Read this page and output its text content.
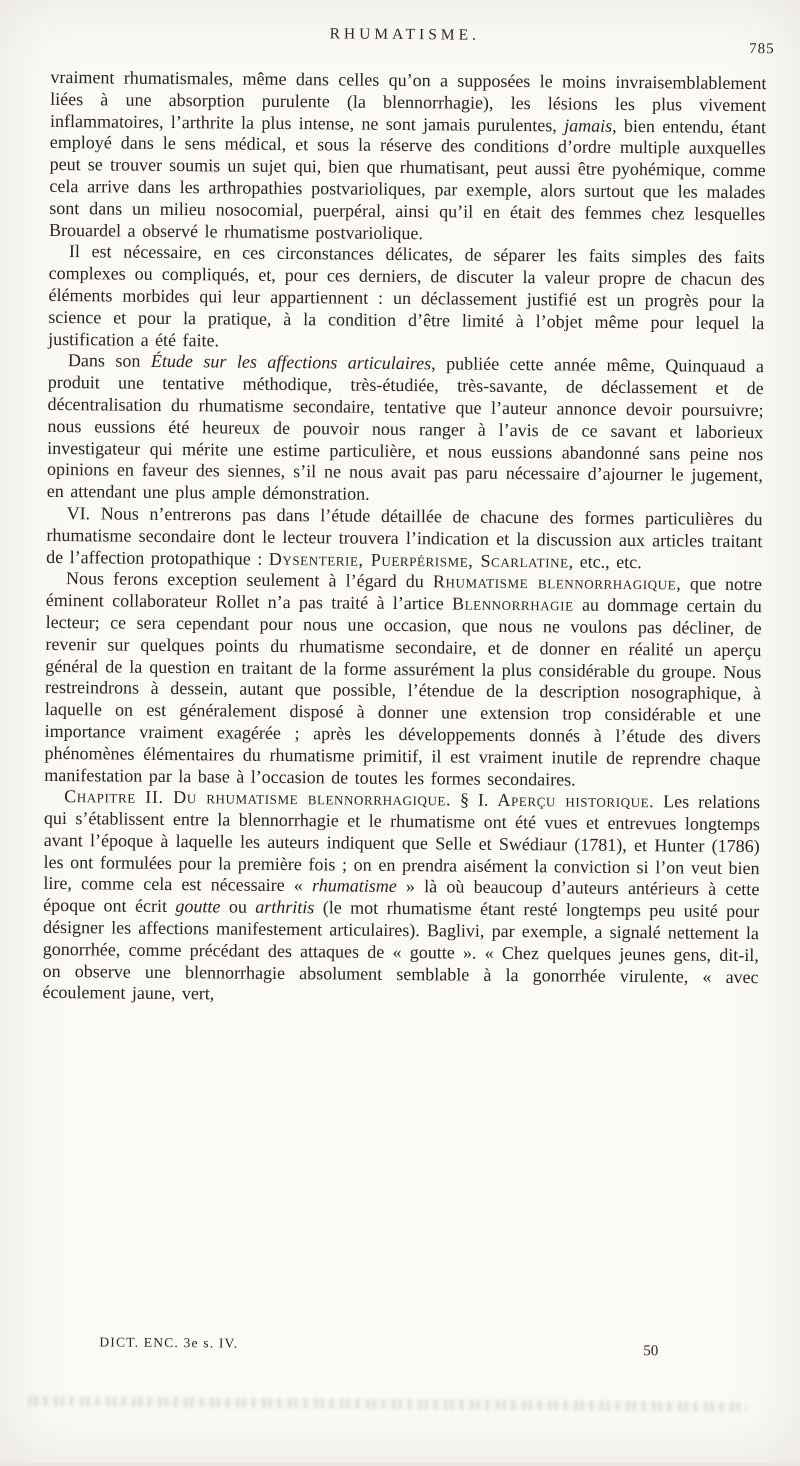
RHUMATISME.
785

vraiment rhumatismales, même dans celles qu’on a supposées le moins invraisemblablement liées à une absorption purulente (la blennorrhagie), les lésions les plus vivement inflammatoires, l’arthrite la plus intense, ne sont jamais purulentes, jamais, bien entendu, étant employé dans le sens médical, et sous la réserve des conditions d’ordre multiple auxquelles peut se trouver soumis un sujet qui, bien que rhumatisant, peut aussi être pyohémique, comme cela arrive dans les arthropathies postvarioliques, par exemple, alors surtout que les malades sont dans un milieu nosocomial, puerpéral, ainsi qu’il en était des femmes chez lesquelles Brouardel a observé le rhumatisme postvariolique.

Il est nécessaire, en ces circonstances délicates, de séparer les faits simples des faits complexes ou compliqués, et, pour ces derniers, de discuter la valeur propre de chacun des éléments morbides qui leur appartiennent : un déclassement justifié est un progrès pour la science et pour la pratique, à la condition d’être limité à l’objet même pour lequel la justification a été faite.

Dans son Étude sur les affections articulaires, publiée cette année même, Quinquaud a produit une tentative méthodique, très-étudiée, très-savante, de déclassement et de décentralisation du rhumatisme secondaire, tentative que l’auteur annonce devoir poursuivre; nous eussions été heureux de pouvoir nous ranger à l’avis de ce savant et laborieux investigateur qui mérite une estime particulière, et nous eussions abandonné sans peine nos opinions en faveur des siennes, s’il ne nous avait pas paru nécessaire d’ajourner le jugement, en attendant une plus ample démonstration.

VI. Nous n’entrerons pas dans l’étude détaillée de chacune des formes particulières du rhumatisme secondaire dont le lecteur trouvera l’indication et la discussion aux articles traitant de l’affection protopathique : Dysenterie, Puerpérisme, Scarlatine, etc., etc.

Nous ferons exception seulement à l’égard du Rhumatisme blennorrhagique, que notre éminent collaborateur Rollet n’a pas traité à l’artice Blennorrhagie au dommage certain du lecteur; ce sera cependant pour nous une occasion, que nous ne voulons pas décliner, de revenir sur quelques points du rhumatisme secondaire, et de donner en réalité un aperçu général de la question en traitant de la forme assurément la plus considérable du groupe. Nous restreindrons à dessein, autant que possible, l’étendue de la description nosographique, à laquelle on est généralement disposé à donner une extension trop considérable et une importance vraiment exagérée ; après les développements donnés à l’étude des divers phénomènes élémentaires du rhumatisme primitif, il est vraiment inutile de reprendre chaque manifestation par la base à l’occasion de toutes les formes secondaires.

Chapitre II. Du rhumatisme blennorrhagique. § I. Aperçu historique. Les relations qui s’établissent entre la blennorrhagie et le rhumatisme ont été vues et entrevues longtemps avant l’époque à laquelle les auteurs indiquent que Selle et Swédiaur (1781), et Hunter (1786) les ont formulées pour la première fois ; on en prendra aisément la conviction si l’on veut bien lire, comme cela est nécessaire « rhumatisme » là où beaucoup d’auteurs antérieurs à cette époque ont écrit goutte ou arthritis (le mot rhumatisme étant resté longtemps peu usité pour désigner les affections manifestement articulaires). Baglivi, par exemple, a signalé nettement la gonorrhée, comme précédant des attaques de « goutte ». « Chez quelques jeunes gens, dit-il, on observe une blennorrhagie absolument semblable à la gonorrhée virulente, « avec écoulement jaune, vert,

DICT. ENC. 3e s. IV.
50
